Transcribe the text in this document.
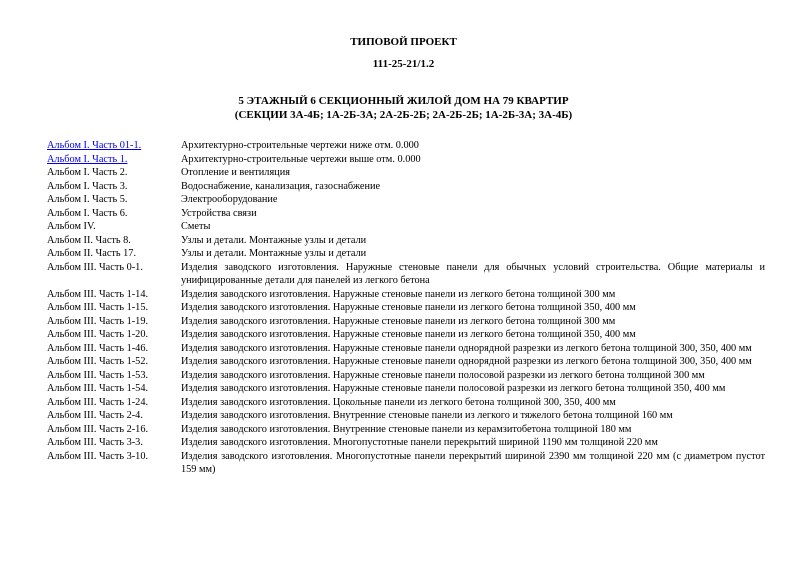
ТИПОВОЙ ПРОЕКТ
111-25-21/1.2
5 ЭТАЖНЫЙ 6 СЕКЦИОННЫЙ ЖИЛОЙ ДОМ НА 79 КВАРТИР
(СЕКЦИИ 3А-4Б; 1А-2Б-3А; 2А-2Б-2Б; 2А-2Б-2Б; 1А-2Б-3А; 3А-4Б)
Альбом I. Часть 01-1.	Архитектурно-строительные чертежи ниже отм. 0.000
Альбом I. Часть 1.	Архитектурно-строительные чертежи выше отм. 0.000
Альбом I. Часть 2.	Отопление и вентиляция
Альбом I. Часть 3.	Водоснабжение, канализация, газоснабжение
Альбом I. Часть 5.	Электрооборудование
Альбом I. Часть 6.	Устройства связи
Альбом IV.	Сметы
Альбом II. Часть 8.	Узлы и детали. Монтажные узлы и детали
Альбом II. Часть 17.	Узлы и детали. Монтажные узлы и детали
Альбом III. Часть 0-1.	Изделия заводского изготовления. Наружные стеновые панели для обычных условий строительства. Общие материалы и унифицированные детали для панелей из легкого бетона
Альбом III. Часть 1-14.	Изделия заводского изготовления. Наружные стеновые панели из легкого бетона толщиной 300 мм
Альбом III. Часть 1-15.	Изделия заводского изготовления. Наружные стеновые панели из легкого бетона толщиной 350, 400 мм
Альбом III. Часть 1-19.	Изделия заводского изготовления. Наружные стеновые панели из легкого бетона толщиной 300 мм
Альбом III. Часть 1-20.	Изделия заводского изготовления. Наружные стеновые панели из легкого бетона толщиной 350, 400 мм
Альбом III. Часть 1-46.	Изделия заводского изготовления. Наружные стеновые панели однорядной разрезки из легкого бетона толщиной 300, 350, 400 мм
Альбом III. Часть 1-52.	Изделия заводского изготовления. Наружные стеновые панели однорядной разрезки из легкого бетона толщиной 300, 350, 400 мм
Альбом III. Часть 1-53.	Изделия заводского изготовления. Наружные стеновые панели полосовой разрезки из легкого бетона толщиной 300 мм
Альбом III. Часть 1-54.	Изделия заводского изготовления. Наружные стеновые панели полосовой разрезки из легкого бетона толщиной 350, 400 мм
Альбом III. Часть 1-24.	Изделия заводского изготовления. Цокольные панели из легкого бетона толщиной 300, 350, 400 мм
Альбом III. Часть 2-4.	Изделия заводского изготовления. Внутренние стеновые панели из легкого и тяжелого бетона толщиной 160 мм
Альбом III. Часть 2-16.	Изделия заводского изготовления. Внутренние стеновые панели из керамзитобетона толщиной 180 мм
Альбом III. Часть 3-3.	Изделия заводского изготовления. Многопустотные панели перекрытий шириной 1190 мм толщиной 220 мм
Альбом III. Часть 3-10.	Изделия заводского изготовления. Многопустотные панели перекрытий шириной 2390 мм толщиной 220 мм (с диаметром пустот 159 мм)
